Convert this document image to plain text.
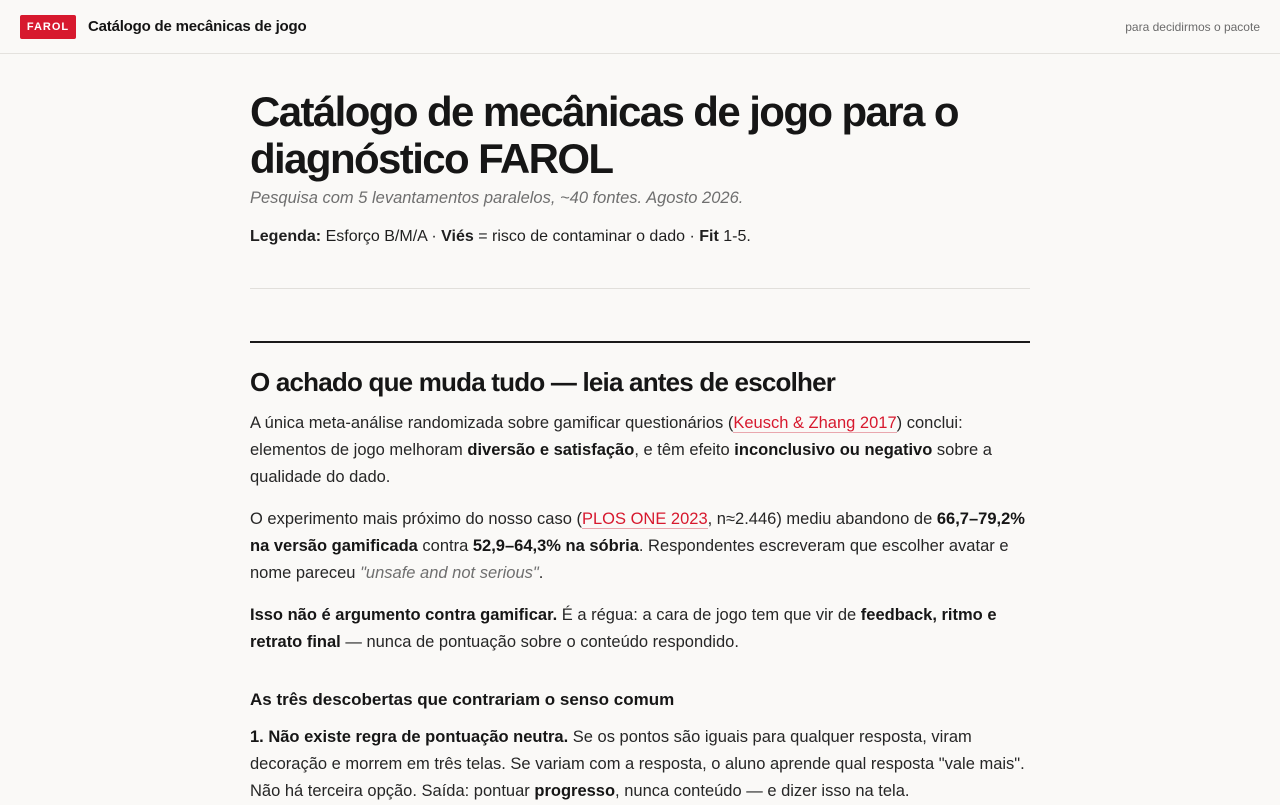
FAROL	Catálogo de mecânicas de jogo	para decidirmos o pacote
Catálogo de mecânicas de jogo para o diagnóstico FAROL
Pesquisa com 5 levantamentos paralelos, ~40 fontes. Agosto 2026.
Legenda: Esforço B/M/A · Viés = risco de contaminar o dado · Fit 1-5.
O achado que muda tudo — leia antes de escolher

A única meta-análise randomizada sobre gamificar questionários (Keusch & Zhang 2017) conclui: elementos de jogo melhoram diversão e satisfação, e têm efeito inconclusivo ou negativo sobre a qualidade do dado.

O experimento mais próximo do nosso caso (PLOS ONE 2023, n≈2.446) mediu abandono de 66,7–79,2% na versão gamificada contra 52,9–64,3% na sóbria. Respondentes escreveram que escolher avatar e nome pareceu "unsafe and not serious".

Isso não é argumento contra gamificar. É a régua: a cara de jogo tem que vir de feedback, ritmo e retrato final — nunca de pontuação sobre o conteúdo respondido.

As três descobertas que contrariam o senso comum

1. Não existe regra de pontuação neutra. Se os pontos são iguais para qualquer resposta, viram decoração e morrem em três telas. Se variam com a resposta, o aluno aprende qual resposta "vale mais". Não há terceira opção. Saída: pontuar progresso, nunca conteúdo — e dizer isso na tela.
